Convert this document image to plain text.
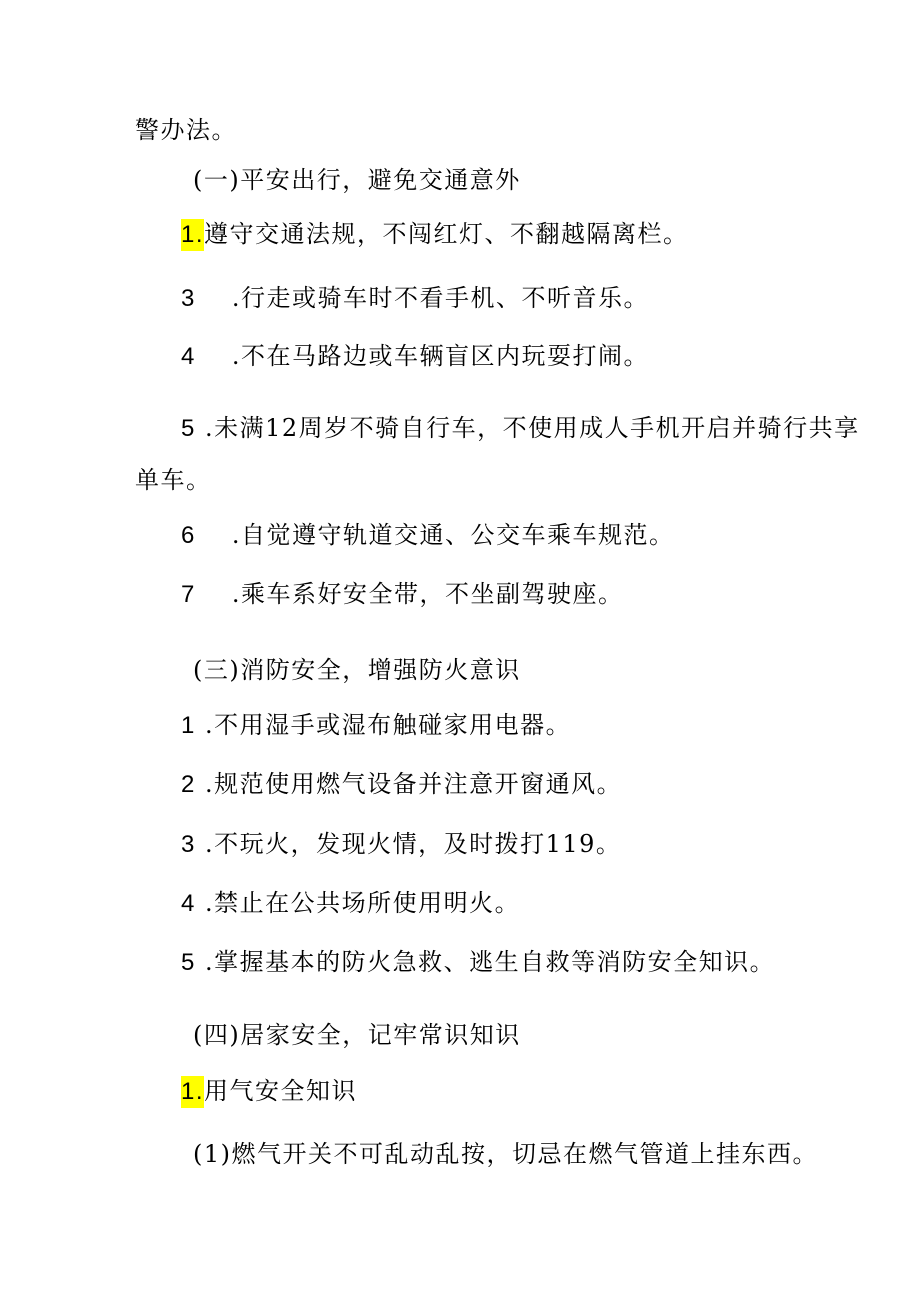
警办法。
(一)平安出行，避免交通意外
1.遵守交通法规，不闯红灯、不翻越隔离栏。
3 .行走或骑车时不看手机、不听音乐。
4 .不在马路边或车辆盲区内玩耍打闹。
5 .未满12周岁不骑自行车，不使用成人手机开启并骑行共享
单车。
6 .自觉遵守轨道交通、公交车乘车规范。
7 .乘车系好安全带，不坐副驾驶座。
(三)消防安全，增强防火意识
1 .不用湿手或湿布触碰家用电器。
2 .规范使用燃气设备并注意开窗通风。
3 .不玩火，发现火情，及时拨打119。
4 .禁止在公共场所使用明火。
5 .掌握基本的防火急救、逃生自救等消防安全知识。
(四)居家安全，记牢常识知识
1.用气安全知识
(1)燃气开关不可乱动乱按，切忌在燃气管道上挂东西。
